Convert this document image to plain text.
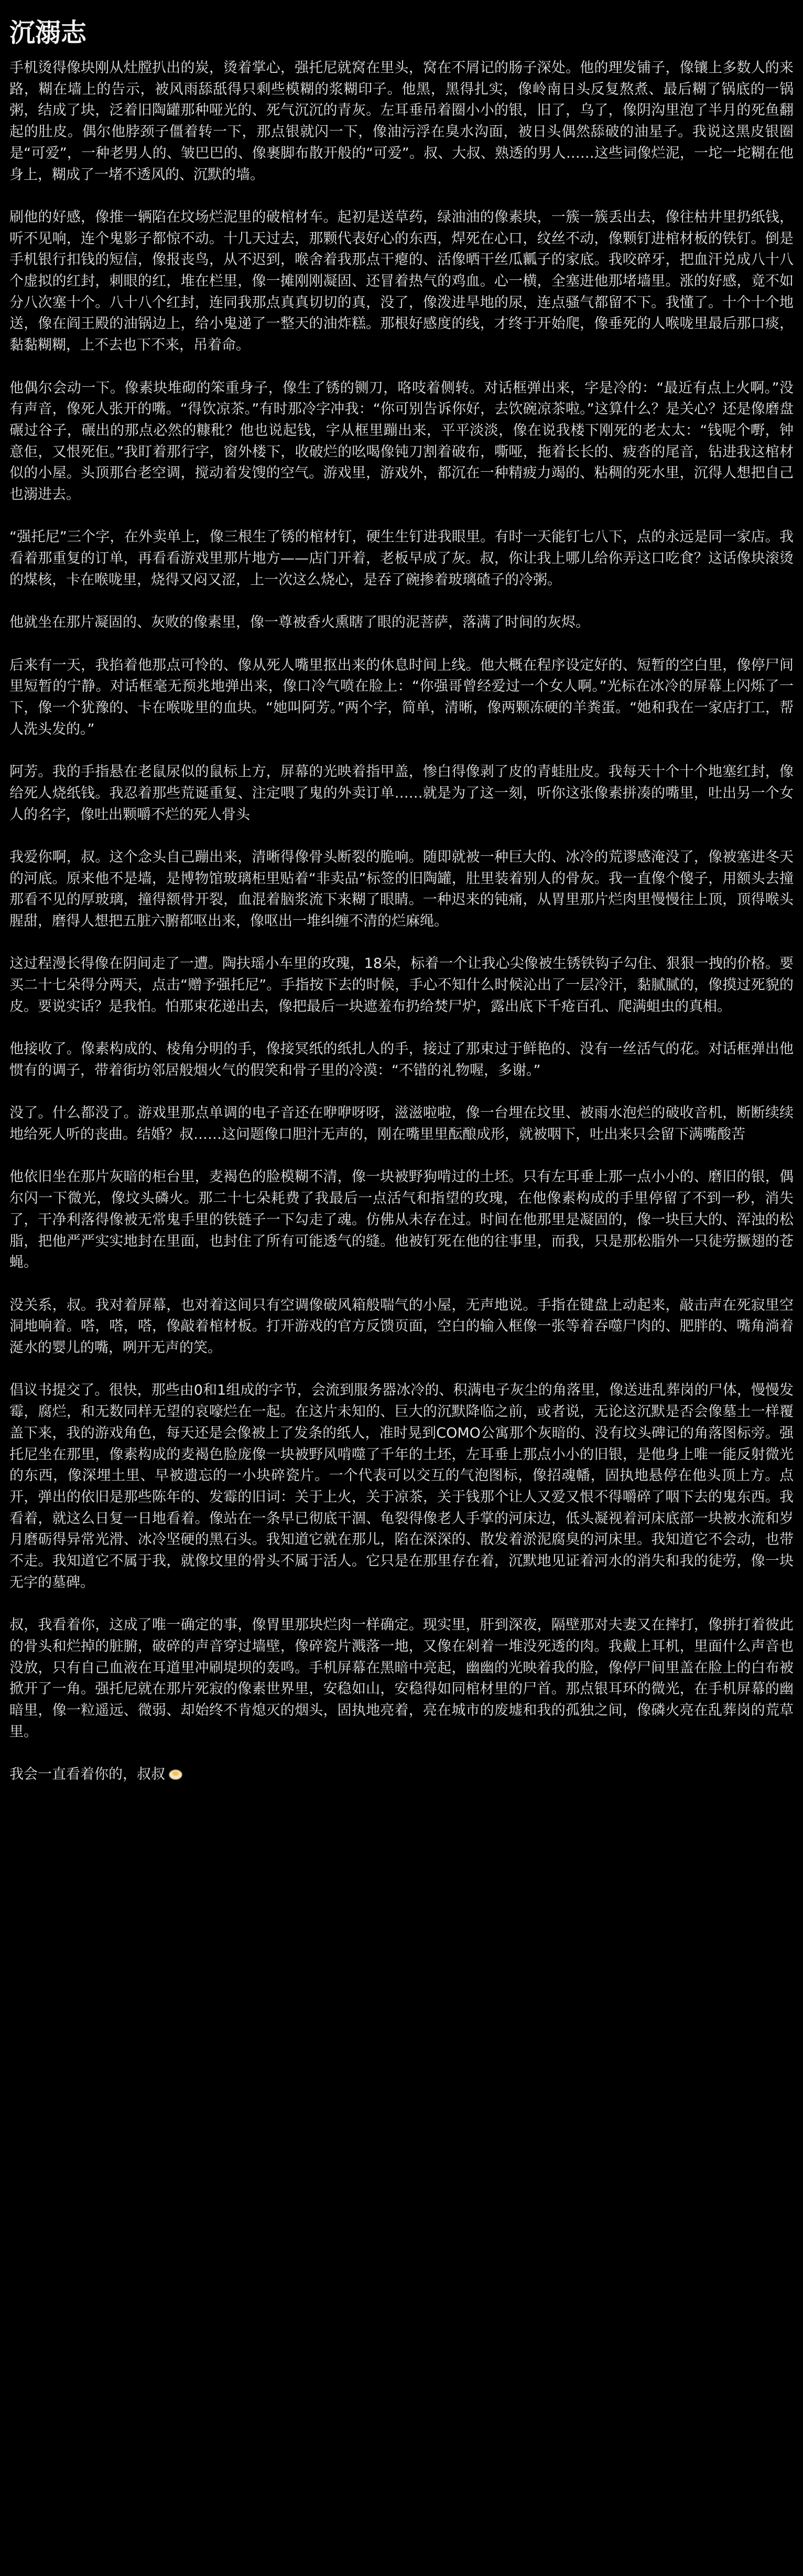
沉溺志

手机烫得像块刚从灶膛扒出的炭，烫着掌心，强托尼就窝在里头，窝在不屑记的肠子深处。他的理发铺子，像镶上多数人的来路，糊在墙上的告示，被风雨舔舐得只剩些模糊的浆糊印子。他黑，黑得扎实，像岭南日头反复熬煮、最后糊了锅底的一锅粥，结成了块，泛着旧陶罐那种哑光的、死气沉沉的青灰。左耳垂吊着圈小小的银，旧了，乌了，像阴沟里泡了半月的死鱼翻起的肚皮。偶尔他脖颈子僵着转一下，那点银就闪一下，像油污浮在臭水沟面，被日头偶然舔破的油星子。我说这黑皮银圈是“可爱”，一种老男人的、皱巴巴的、像裹脚布散开般的“可爱”。叔、大叔、熟透的男人……这些词像烂泥，一坨一坨糊在他身上，糊成了一堵不透风的、沉默的墙。

刷他的好感，像推一辆陷在坟场烂泥里的破棺材车。起初是送草药，绿油油的像素块，一簇一簇丢出去，像往枯井里扔纸钱，听不见响，连个鬼影子都惊不动。十几天过去，那颗代表好心的东西，焊死在心口，纹丝不动，像颗钉进棺材板的铁钉。倒是手机银行扣钱的短信，像报丧鸟，从不迟到，喉舍着我那点干瘪的、活像晒干丝瓜瓤子的家底。我咬碎牙，把血汗兑成八十八个虚拟的红封，刺眼的红，堆在栏里，像一摊刚刚凝固、还冒着热气的鸡血。心一横，全塞进他那堵墙里。涨的好感，竟不如分八次塞十个。八十八个红封，连同我那点真真切切的真，没了，像泼进旱地的尿，连点骚气都留不下。我懂了。十个十个地送，像在阎王殿的油锅边上，给小鬼递了一整天的油炸糕。那根好感度的线，才终于开始爬，像垂死的人喉咙里最后那口痰，黏黏糊糊，上不去也下不来，吊着命。

他偶尔会动一下。像素块堆砌的笨重身子，像生了锈的铡刀，咯吱着侧转。对话框弹出来，字是冷的：“最近有点上火啊。”没有声音，像死人张开的嘴。“得饮凉茶。”有时那冷字冲我：“你可别告诉你好，去饮碗凉茶啦。”这算什么？是关心？还是像磨盘碾过谷子，碾出的那点必然的糠秕？他也说起钱，字从框里蹦出来，平平淡淡，像在说我楼下刚死的老太太：“钱呢个嘢，钟意佢，又恨死佢。”我盯着那行字，窗外楼下，收破烂的吆喝像钝刀割着破布，嘶哑，拖着长长的、疲沓的尾音，钻进我这棺材似的小屋。头顶那台老空调，搅动着发馊的空气。游戏里，游戏外，都沉在一种精疲力竭的、粘稠的死水里，沉得人想把自己也溺进去。

“强托尼”三个字，在外卖单上，像三根生了锈的棺材钉，硬生生钉进我眼里。有时一天能钉七八下，点的永远是同一家店。我看着那重复的订单，再看看游戏里那片地方——店门开着，老板早成了灰。叔，你让我上哪儿给你弄这口吃食？这话像块滚烫的煤核，卡在喉咙里，烧得又闷又涩，上一次这么烧心，是吞了碗掺着玻璃碴子的冷粥。

他就坐在那片凝固的、灰败的像素里，像一尊被香火熏瞎了眼的泥菩萨，落满了时间的灰烬。

后来有一天，我掐着他那点可怜的、像从死人嘴里抠出来的休息时间上线。他大概在程序设定好的、短暂的空白里，像停尸间里短暂的宁静。对话框毫无预兆地弹出来，像口冷气喷在脸上：“你强哥曾经爱过一个女人啊。”光标在冰冷的屏幕上闪烁了一下，像一个犹豫的、卡在喉咙里的血块。“她叫阿芳。”两个字，简单，清晰，像两颗冻硬的羊粪蛋。“她和我在一家店打工，帮人洗头发的。”

阿芳。我的手指悬在老鼠尿似的鼠标上方，屏幕的光映着指甲盖，惨白得像剥了皮的青蛙肚皮。我每天十个十个地塞红封，像给死人烧纸钱。我忍着那些荒诞重复、注定喂了鬼的外卖订单……就是为了这一刻，听你这张像素拼凑的嘴里，吐出另一个女人的名字，像吐出颗嚼不烂的死人骨头

我爱你啊，叔。这个念头自己蹦出来，清晰得像骨头断裂的脆响。随即就被一种巨大的、冰冷的荒谬感淹没了，像被塞进冬天的河底。原来他不是墙，是博物馆玻璃柜里贴着“非卖品”标签的旧陶罐，肚里装着别人的骨灰。我一直像个傻子，用额头去撞那看不见的厚玻璃，撞得额骨开裂，血混着脑浆流下来糊了眼睛。一种迟来的钝痛，从胃里那片烂肉里慢慢往上顶，顶得喉头腥甜，磨得人想把五脏六腑都呕出来，像呕出一堆纠缠不清的烂麻绳。

这过程漫长得像在阴间走了一遭。陶扶瑶小车里的玫瑰，18朵，标着一个让我心尖像被生锈铁钩子勾住、狠狠一拽的价格。要买二十七朵得分两天，点击“赠予强托尼”。手指按下去的时候，手心不知什么时候沁出了一层冷汗，黏腻腻的，像摸过死貌的皮。要说实话？是我怕。怕那束花递出去，像把最后一块遮羞布扔给焚尸炉，露出底下千疮百孔、爬满蛆虫的真相。

他接收了。像素构成的、棱角分明的手，像接冥纸的纸扎人的手，接过了那束过于鲜艳的、没有一丝活气的花。对话框弹出他惯有的调子，带着街坊邻居般烟火气的假笑和骨子里的冷漠：“不错的礼物喔，多谢。”

没了。什么都没了。游戏里那点单调的电子音还在咿咿呀呀，滋滋啦啦，像一台埋在坟里、被雨水泡烂的破收音机，断断续续地给死人听的丧曲。结婚？叔……这问题像口胆汁无声的，刚在嘴里里酝酿成形，就被咽下，吐出来只会留下满嘴酸苦

他依旧坐在那片灰暗的柜台里，麦褐色的脸模糊不清，像一块被野狗啃过的土坯。只有左耳垂上那一点小小的、磨旧的银，偶尔闪一下微光，像坟头磷火。那二十七朵耗费了我最后一点活气和指望的玫瑰，在他像素构成的手里停留了不到一秒，消失了，干净利落得像被无常鬼手里的铁链子一下勾走了魂。仿佛从未存在过。时间在他那里是凝固的，像一块巨大的、浑浊的松脂，把他严严实实地封在里面，也封住了所有可能透气的缝。他被钉死在他的往事里，而我，只是那松脂外一只徒劳撅翅的苍蝇。

没关系，叔。我对着屏幕，也对着这间只有空调像破风箱般喘气的小屋，无声地说。手指在键盘上动起来，敲击声在死寂里空洞地响着。嗒，嗒，嗒，像敲着棺材板。打开游戏的官方反馈页面，空白的输入框像一张等着吞噬尸肉的、肥胖的、嘴角淌着涎水的婴儿的嘴，咧开无声的笑。

倡议书提交了。很快，那些由0和1组成的字节，会流到服务器冰冷的、积满电子灰尘的角落里，像送进乱葬岗的尸体，慢慢发霉，腐烂，和无数同样无望的哀嚎烂在一起。在这片未知的、巨大的沉默降临之前，或者说，无论这沉默是否会像墓土一样覆盖下来，我的游戏角色，每天还是会像被上了发条的纸人，准时晃到COMO公寓那个灰暗的、没有坟头碑记的角落图标旁。强托尼坐在那里，像素构成的麦褐色脸庞像一块被野风啃噬了千年的土坯，左耳垂上那点小小的旧银，是他身上唯一能反射微光的东西，像深埋土里、早被遗忘的一小块碎瓷片。一个代表可以交互的气泡图标，像招魂幡，固执地悬停在他头顶上方。点开，弹出的依旧是那些陈年的、发霉的旧词：关于上火，关于凉茶，关于钱那个让人又爱又恨不得嚼碎了咽下去的鬼东西。我看着，就这么日复一日地看着。像站在一条早已彻底干涸、龟裂得像老人手掌的河床边，低头凝视着河床底部一块被水流和岁月磨砺得异常光滑、冰冷坚硬的黑石头。我知道它就在那儿，陷在深深的、散发着淤泥腐臭的河床里。我知道它不会动，也带不走。我知道它不属于我，就像坟里的骨头不属于活人。它只是在那里存在着，沉默地见证着河水的消失和我的徒劳，像一块无字的墓碑。

叔，我看着你，这成了唯一确定的事，像胃里那块烂肉一样确定。现实里，肝到深夜，隔壁那对夫妻又在摔打，像拼打着彼此的骨头和烂掉的脏腑，破碎的声音穿过墙壁，像碎瓷片溅落一地，又像在剁着一堆没死透的肉。我戴上耳机，里面什么声音也没放，只有自己血液在耳道里冲刷堤坝的轰鸣。手机屏幕在黑暗中亮起，幽幽的光映着我的脸，像停尸间里盖在脸上的白布被掀开了一角。强托尼就在那片死寂的像素世界里，安稳如山，安稳得如同棺材里的尸首。那点银耳环的微光，在手机屏幕的幽暗里，像一粒遥远、微弱、却始终不肯熄灭的烟头，固执地亮着，亮在城市的废墟和我的孤独之间，像磷火亮在乱葬岗的荒草里。

我会一直看着你的，叔叔
